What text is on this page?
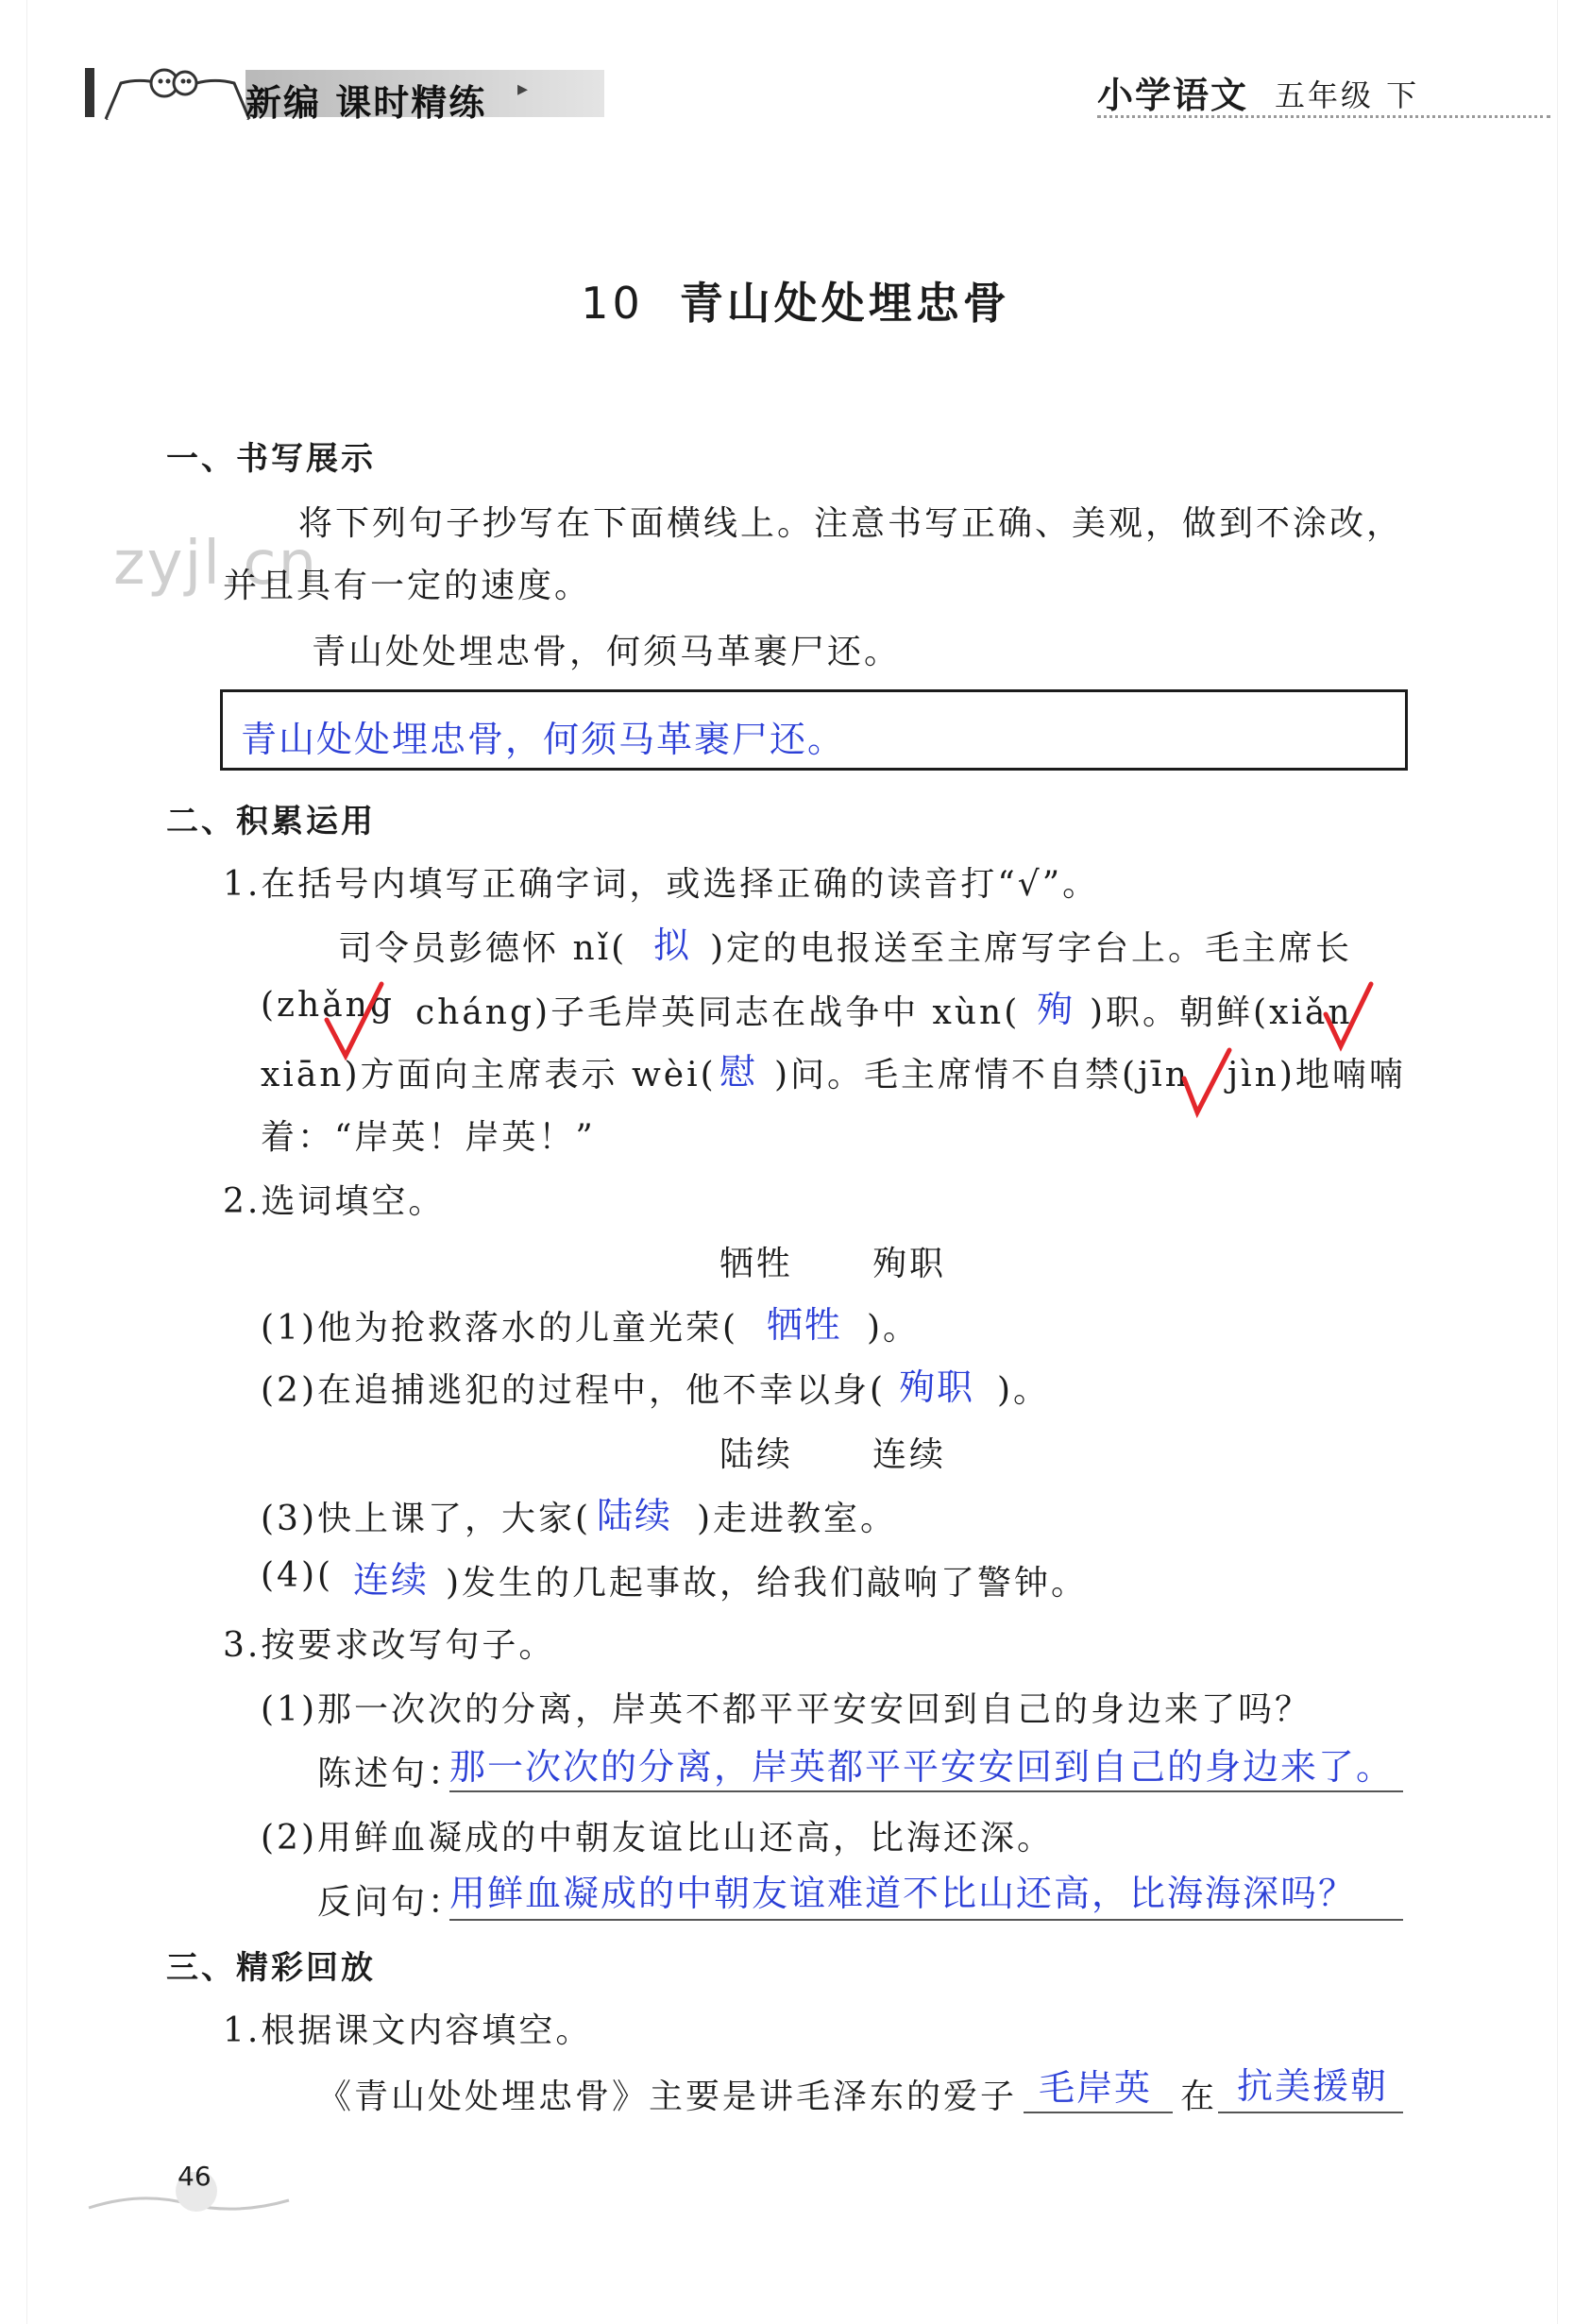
新编 课时精练 ▸	小学语文 五年级 下
10 青山处处埋忠骨
zyjl.cn
一、书写展示
将下列句子抄写在下面横线上。注意书写正确、美观，做到不涂改，
并且具有一定的速度。
青山处处埋忠骨，何须马革裹尸还。
青山处处埋忠骨，何须马革裹尸还。
二、积累运用
1.在括号内填写正确字词，或选择正确的读音打“√”。
司令员彭德怀 nǐ( 拟 )定的电报送至主席写字台上。毛主席长
(zhǎng cháng)子毛岸英同志在战争中 xùn( 殉 )职。朝鲜(xiǎn
xiān)方面向主席表示 wèi( 慰 )问。毛主席情不自禁(jīn jìn)地喃喃
着：“岸英！岸英！”
2.选词填空。
牺牲 殉职
(1)他为抢救落水的儿童光荣( 牺牲 )。
(2)在追捕逃犯的过程中，他不幸以身( 殉职 )。
陆续 连续
(3)快上课了，大家( 陆续 )走进教室。
(4)( 连续 )发生的几起事故，给我们敲响了警钟。
3.按要求改写句子。
(1)那一次次的分离，岸英不都平平安安回到自己的身边来了吗？
陈述句：
那一次次的分离，岸英都平平安安回到自己的身边来了。
(2)用鲜血凝成的中朝友谊比山还高，比海还深。
反问句：
用鲜血凝成的中朝友谊难道不比山还高，比海海深吗？
三、精彩回放
1.根据课文内容填空。
《青山处处埋忠骨》主要是讲毛泽东的爱子 毛岸英 在 抗美援朝
46
